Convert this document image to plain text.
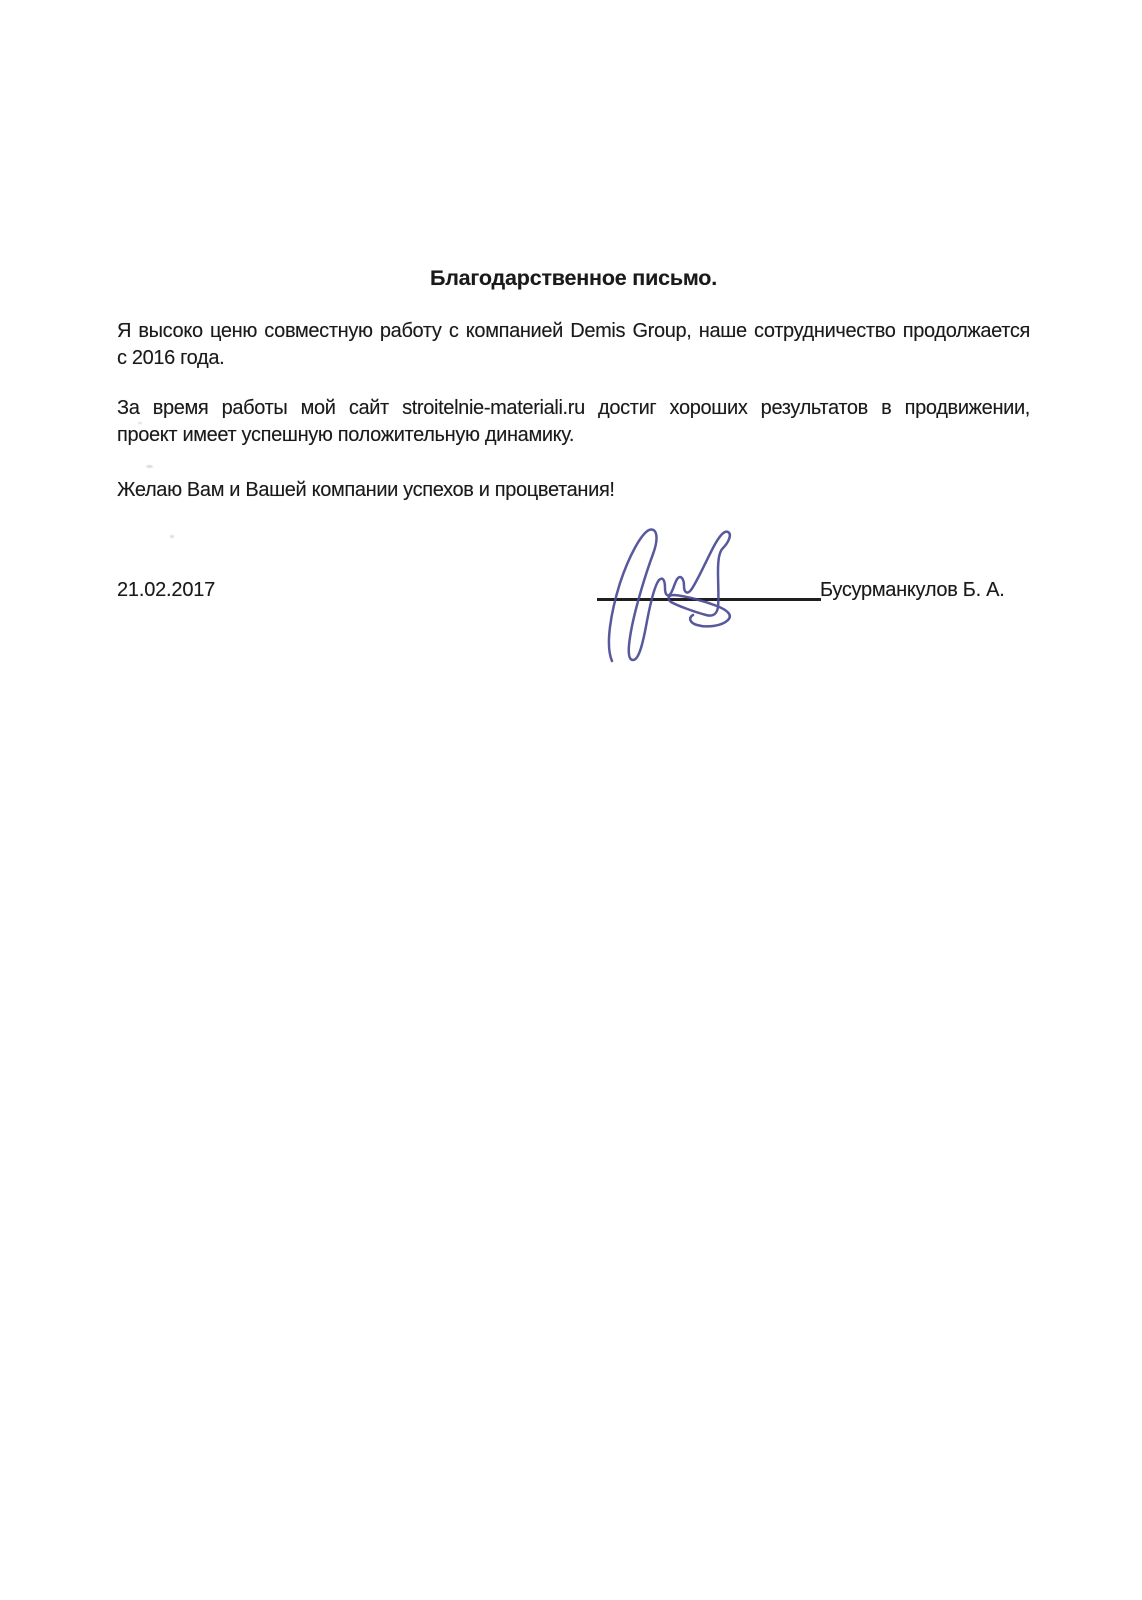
Благодарственное письмо.
Я высоко ценю совместную работу с компанией Demis Group, наше сотрудничество продолжается
с 2016 года.
За время работы мой сайт stroitelnie-materiali.ru достиг хороших результатов в продвижении,
проект имеет успешную положительную динамику.
Желаю Вам и Вашей компании успехов и процветания!
21.02.2017	Бусурманкулов Б. А.
